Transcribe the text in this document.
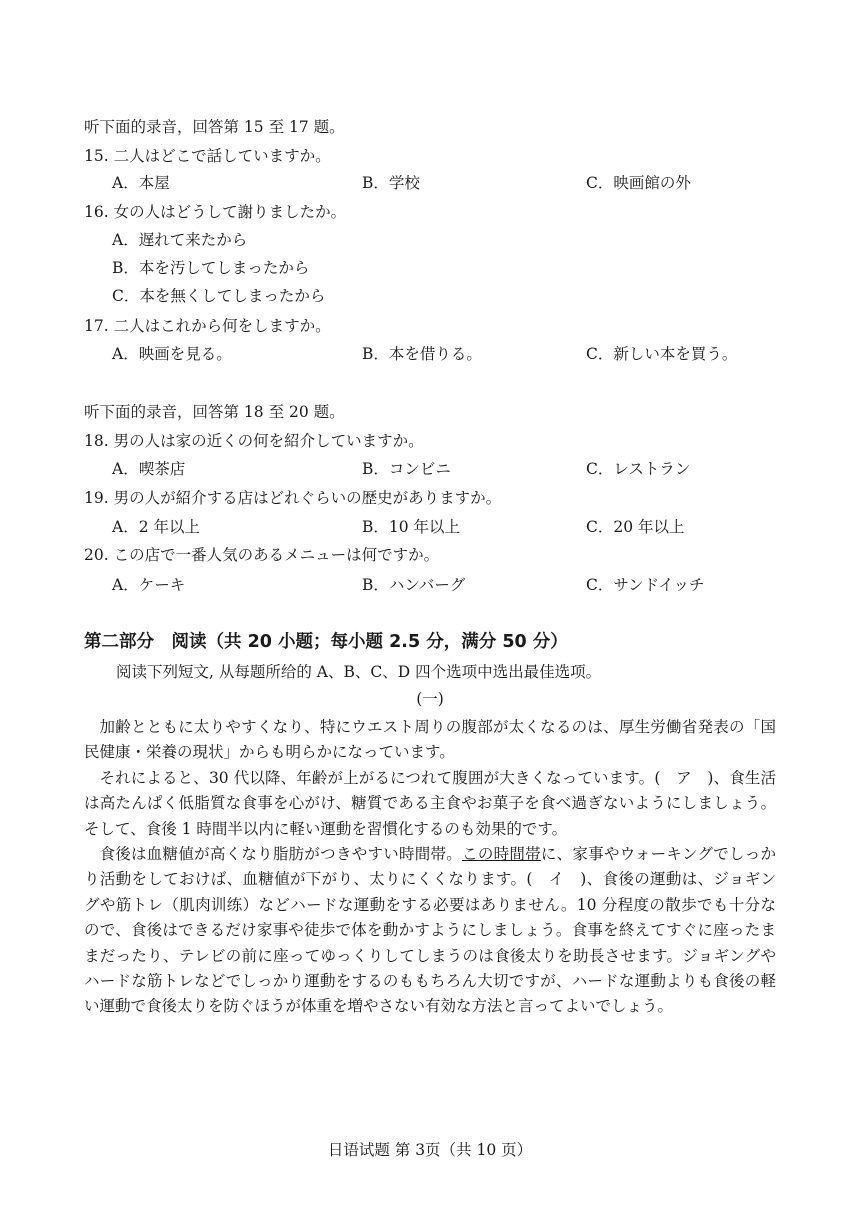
听下面的录音，回答第 15 至 17 题。
15. 二人はどこで話していますか。
A．本屋	B．学校	C．映画館の外
16. 女の人はどうして謝りましたか。
A．遅れて来たから
B．本を汚してしまったから
C．本を無くしてしまったから
17. 二人はこれから何をしますか。
A．映画を見る。	B．本を借りる。	C．新しい本を買う。
听下面的录音，回答第 18 至 20 题。
18. 男の人は家の近くの何を紹介していますか。
A．喫茶店	B．コンビニ	C．レストラン
19. 男の人が紹介する店はどれぐらいの歴史がありますか。
A．2 年以上	B．10 年以上	C．20 年以上
20. この店で一番人気のあるメニューは何ですか。
A．ケーキ	B．ハンバーグ	C．サンドイッチ
第二部分　阅读（共 20 小题；每小题 2.5 分，满分 50 分）
阅读下列短文, 从每题所给的 A、B、C、D 四个选项中选出最佳选项。
(一)

加齢とともに太りやすくなり、特にウエスト周りの腹部が太くなるのは、厚生労働省発表の「国民健康・栄養の現状」からも明らかになっています。

それによると、30 代以降、年齢が上がるにつれて腹囲が大きくなっています。(　ア　)、食生活は高たんぱく低脂質な食事を心がけ、糖質である主食やお菓子を食べ過ぎないようにしましょう。そして、食後 1 時間半以内に軽い運動を習慣化するのも効果的です。

食後は血糖値が高くなり脂肪がつきやすい時間帯。この時間帯に、家事やウォーキングでしっかり活動をしておけば、血糖値が下がり、太りにくくなります。(　イ　)、食後の運動は、ジョギングや筋トレ（肌肉训练）などハードな運動をする必要はありません。10 分程度の散歩でも十分なので、食後はできるだけ家事や徒歩で体を動かすようにしましょう。食事を終えてすぐに座ったままだったり、テレビの前に座ってゆっくりしてしまうのは食後太りを助長させます。ジョギングやハードな筋トレなどでしっかり運動をするのももちろん大切ですが、ハードな運動よりも食後の軽い運動で食後太りを防ぐほうが体重を増やさない有効な方法と言ってよいでしょう。

日语试题 第 3页（共 10 页）
